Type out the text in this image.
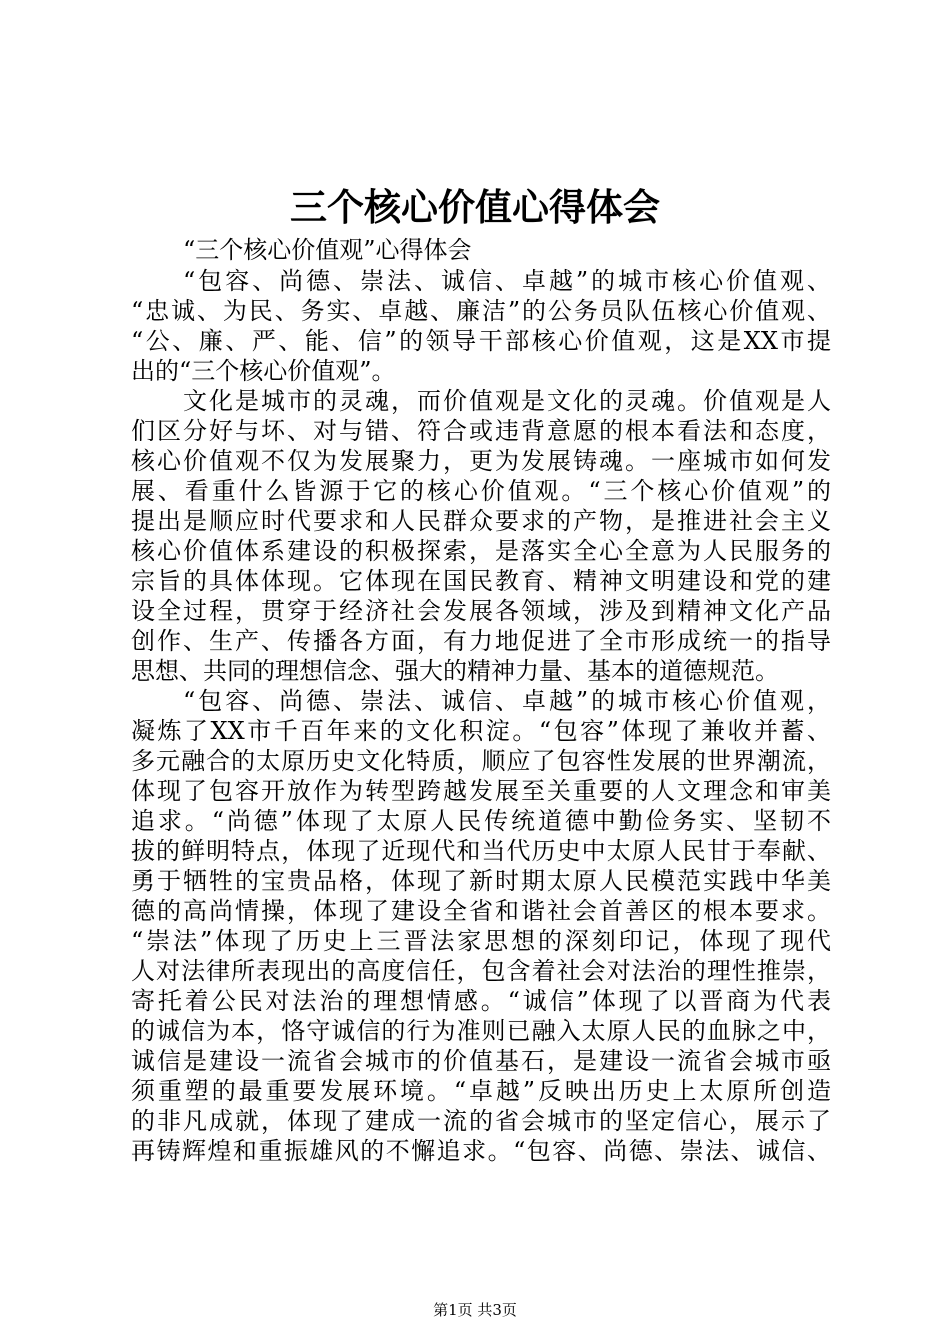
三个核心价值心得体会
“三个核心价值观”心得体会
“包容、尚德、崇法、诚信、卓越”的城市核心价值观、
“忠诚、为民、务实、卓越、廉洁”的公务员队伍核心价值观、
“公、廉、严、能、信”的领导干部核心价值观，这是XX市提
出的“三个核心价值观”。
文化是城市的灵魂，而价值观是文化的灵魂。价值观是人
们区分好与坏、对与错、符合或违背意愿的根本看法和态度，
核心价值观不仅为发展聚力，更为发展铸魂。一座城市如何发
展、看重什么皆源于它的核心价值观。“三个核心价值观”的
提出是顺应时代要求和人民群众要求的产物，是推进社会主义
核心价值体系建设的积极探索，是落实全心全意为人民服务的
宗旨的具体体现。它体现在国民教育、精神文明建设和党的建
设全过程，贯穿于经济社会发展各领域，涉及到精神文化产品
创作、生产、传播各方面，有力地促进了全市形成统一的指导
思想、共同的理想信念、强大的精神力量、基本的道德规范。
“包容、尚德、崇法、诚信、卓越”的城市核心价值观，
凝炼了XX市千百年来的文化积淀。“包容”体现了兼收并蓄、
多元融合的太原历史文化特质，顺应了包容性发展的世界潮流，
体现了包容开放作为转型跨越发展至关重要的人文理念和审美
追求。“尚德”体现了太原人民传统道德中勤俭务实、坚韧不
拔的鲜明特点，体现了近现代和当代历史中太原人民甘于奉献、
勇于牺牲的宝贵品格，体现了新时期太原人民模范实践中华美
德的高尚情操，体现了建设全省和谐社会首善区的根本要求。
“崇法”体现了历史上三晋法家思想的深刻印记，体现了现代
人对法律所表现出的高度信任，包含着社会对法治的理性推崇，
寄托着公民对法治的理想情感。“诚信”体现了以晋商为代表
的诚信为本，恪守诚信的行为准则已融入太原人民的血脉之中，
诚信是建设一流省会城市的价值基石，是建设一流省会城市亟
须重塑的最重要发展环境。“卓越”反映出历史上太原所创造
的非凡成就，体现了建成一流的省会城市的坚定信心，展示了
再铸辉煌和重振雄风的不懈追求。“包容、尚德、崇法、诚信、
第1页 共3页
